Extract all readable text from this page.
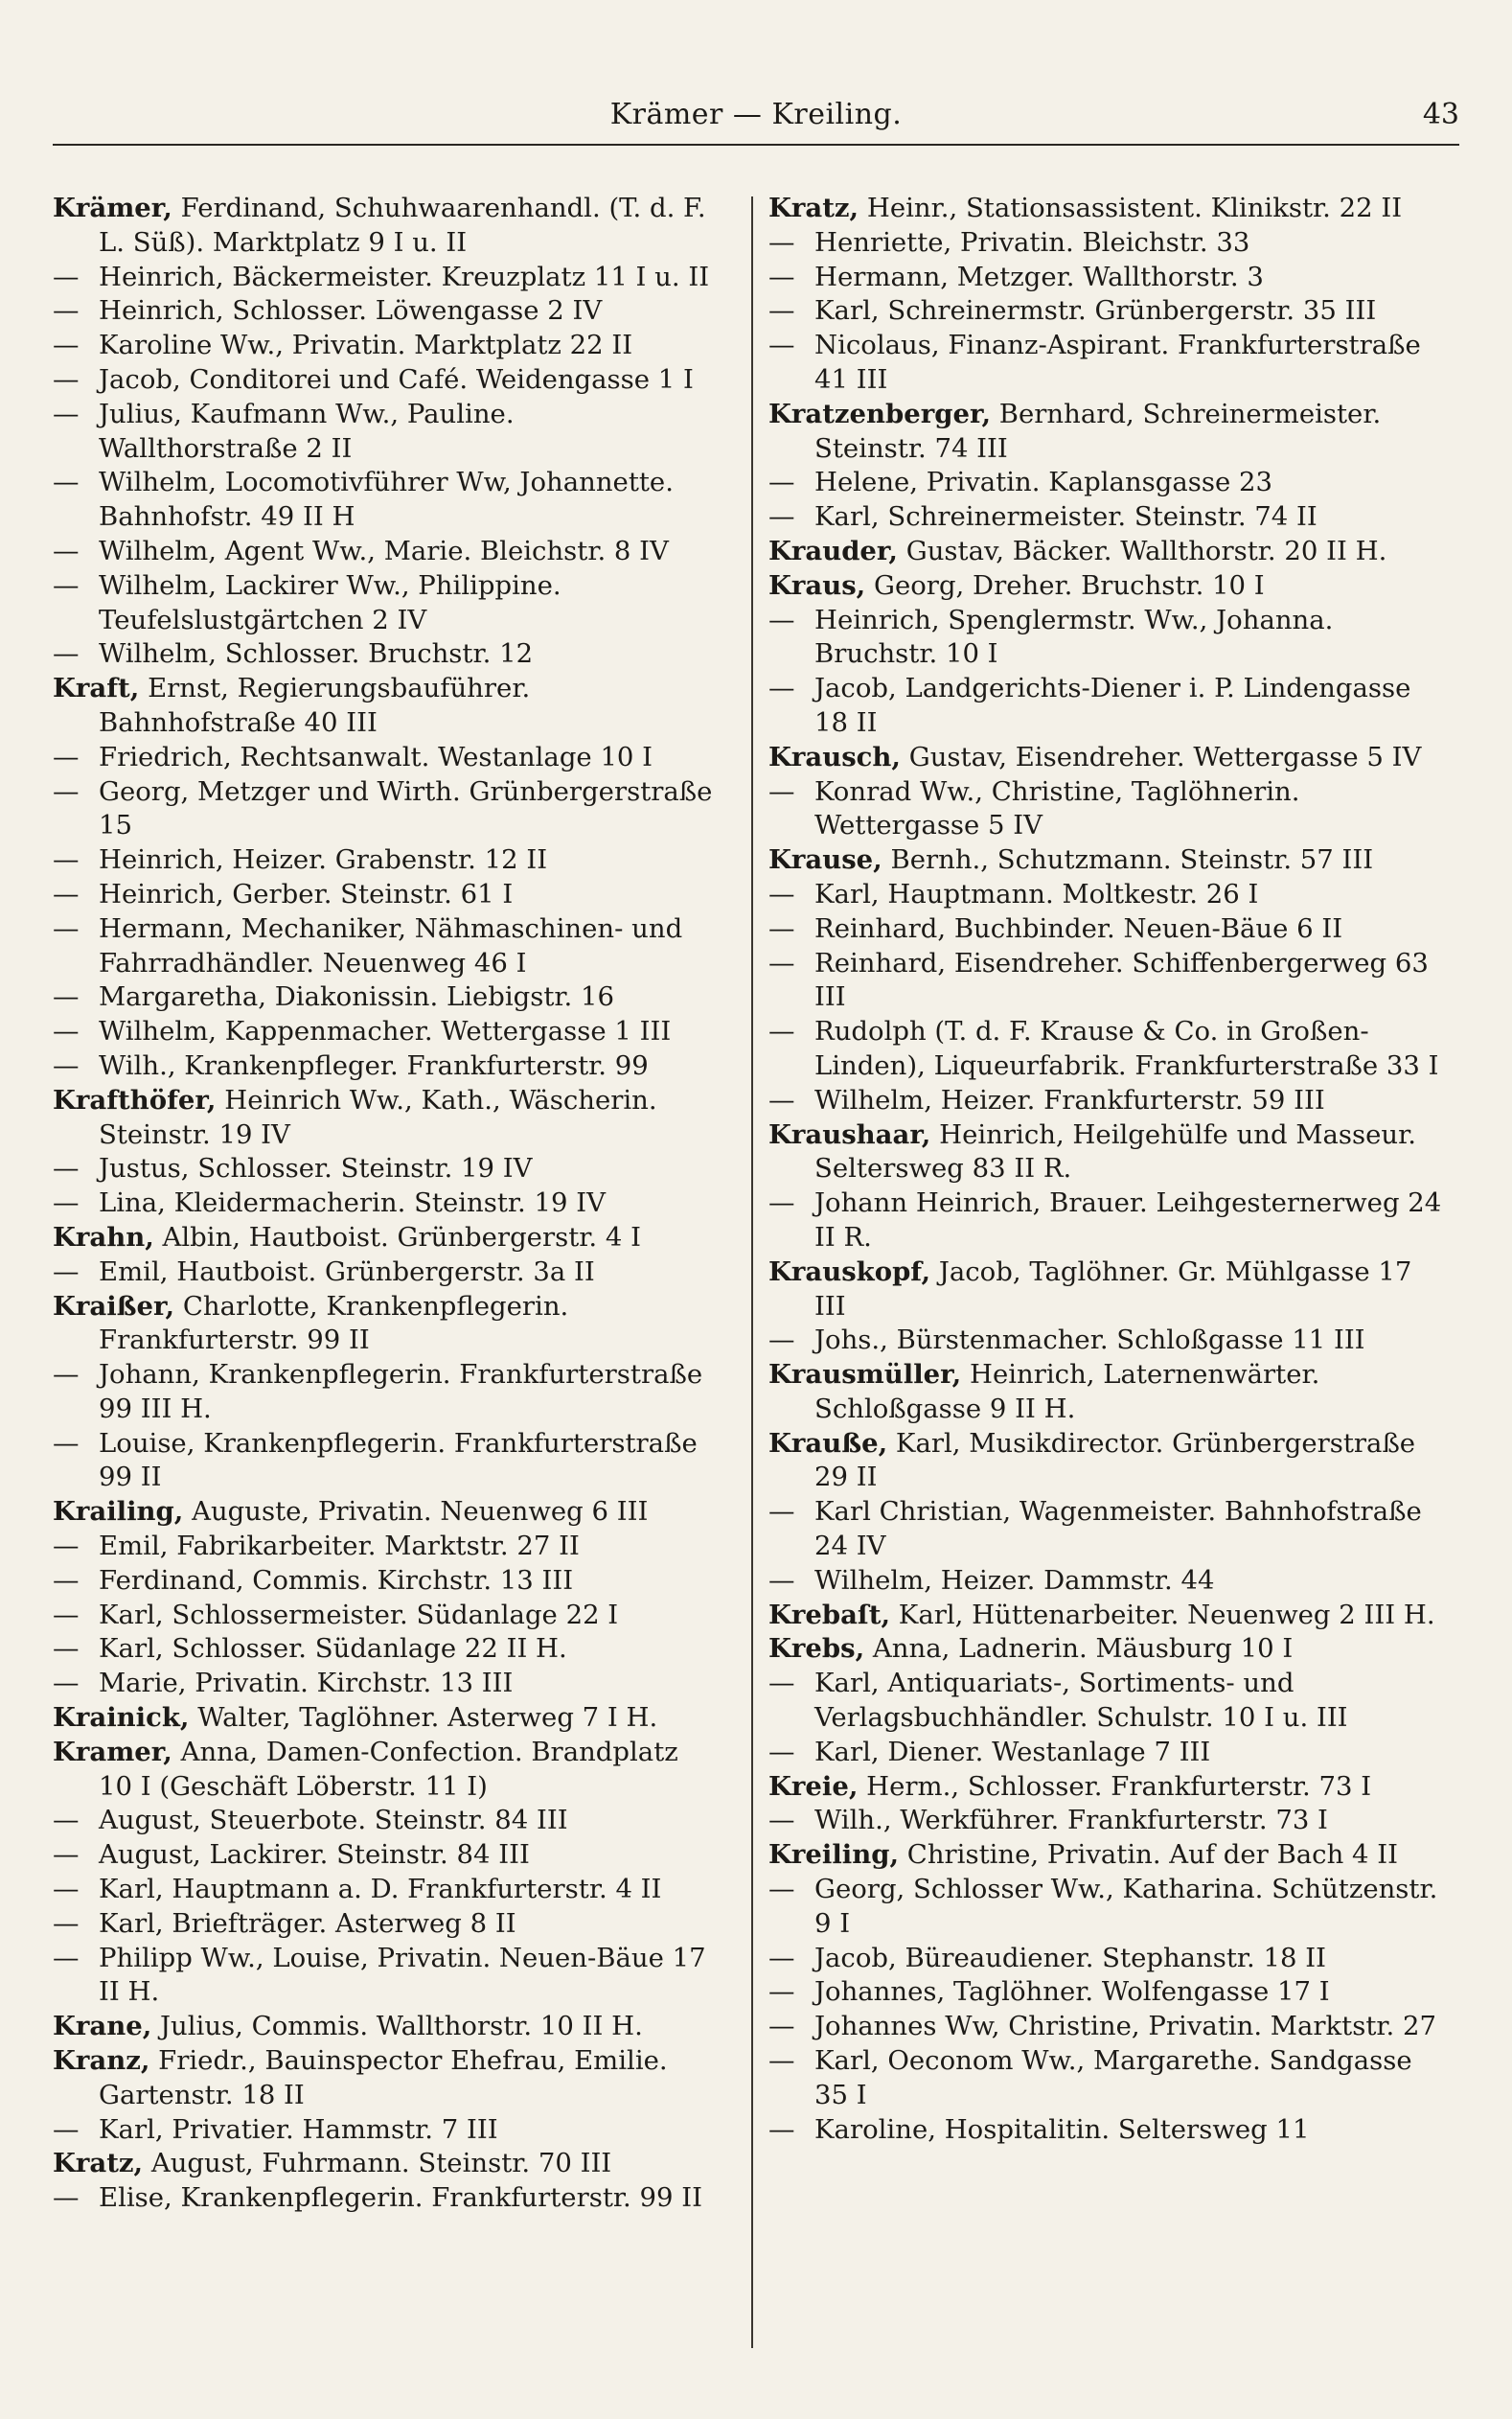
Krämer — Kreiling.	43

Krämer, Ferdinand, Schuhwaarenhandl. (T. d. F. L. Süß). Marktplatz 9 I u. II

— Heinrich, Bäckermeister. Kreuzplatz 11 I u. II

— Heinrich, Schlosser. Löwengasse 2 IV

— Karoline Ww., Privatin. Marktplatz 22 II

— Jacob, Conditorei und Café. Weidengasse 1 I

— Julius, Kaufmann Ww., Pauline. Wallthorstraße 2 II

— Wilhelm, Locomotivführer Ww, Johannette. Bahnhofstr. 49 II H

— Wilhelm, Agent Ww., Marie. Bleichstr. 8 IV

— Wilhelm, Lackirer Ww., Philippine. Teufelslustgärtchen 2 IV

— Wilhelm, Schlosser. Bruchstr. 12

Kraft, Ernst, Regierungsbauführer. Bahnhofstraße 40 III

— Friedrich, Rechtsanwalt. Westanlage 10 I

— Georg, Metzger und Wirth. Grünbergerstraße 15

— Heinrich, Heizer. Grabenstr. 12 II

— Heinrich, Gerber. Steinstr. 61 I

— Hermann, Mechaniker, Nähmaschinen- und Fahrradhändler. Neuenweg 46 I

— Margaretha, Diakonissin. Liebigstr. 16

— Wilhelm, Kappenmacher. Wettergasse 1 III

— Wilh., Krankenpfleger. Frankfurterstr. 99

Krafthöfer, Heinrich Ww., Kath., Wäscherin. Steinstr. 19 IV

— Justus, Schlosser. Steinstr. 19 IV

— Lina, Kleidermacherin. Steinstr. 19 IV

Krahn, Albin, Hautboist. Grünbergerstr. 4 I

— Emil, Hautboist. Grünbergerstr. 3a II

Kraißer, Charlotte, Krankenpflegerin. Frankfurterstr. 99 II

— Johann, Krankenpflegerin. Frankfurterstraße 99 III H.

— Louise, Krankenpflegerin. Frankfurterstraße 99 II

Krailing, Auguste, Privatin. Neuenweg 6 III

— Emil, Fabrikarbeiter. Marktstr. 27 II

— Ferdinand, Commis. Kirchstr. 13 III

— Karl, Schlossermeister. Südanlage 22 I

— Karl, Schlosser. Südanlage 22 II H.

— Marie, Privatin. Kirchstr. 13 III

Krainick, Walter, Taglöhner. Asterweg 7 I H.

Kramer, Anna, Damen-Confection. Brandplatz 10 I (Geschäft Löberstr. 11 I)

— August, Steuerbote. Steinstr. 84 III

— August, Lackirer. Steinstr. 84 III

— Karl, Hauptmann a. D. Frankfurterstr. 4 II

— Karl, Briefträger. Asterweg 8 II

— Philipp Ww., Louise, Privatin. Neuen-Bäue 17 II H.

Krane, Julius, Commis. Wallthorstr. 10 II H.

Kranz, Friedr., Bauinspector Ehefrau, Emilie. Gartenstr. 18 II

— Karl, Privatier. Hammstr. 7 III

Kratz, August, Fuhrmann. Steinstr. 70 III

— Elise, Krankenpflegerin. Frankfurterstr. 99 II

Kratz, Heinr., Stationsassistent. Klinikstr. 22 II

— Henriette, Privatin. Bleichstr. 33

— Hermann, Metzger. Wallthorstr. 3

— Karl, Schreinermstr. Grünbergerstr. 35 III

— Nicolaus, Finanz-Aspirant. Frankfurterstraße 41 III

Kratzenberger, Bernhard, Schreinermeister. Steinstr. 74 III

— Helene, Privatin. Kaplansgasse 23

— Karl, Schreinermeister. Steinstr. 74 II

Krauder, Gustav, Bäcker. Wallthorstr. 20 II H.

Kraus, Georg, Dreher. Bruchstr. 10 I

— Heinrich, Spenglermstr. Ww., Johanna. Bruchstr. 10 I

— Jacob, Landgerichts-Diener i. P. Lindengasse 18 II

Krausch, Gustav, Eisendreher. Wettergasse 5 IV

— Konrad Ww., Christine, Taglöhnerin. Wettergasse 5 IV

Krause, Bernh., Schutzmann. Steinstr. 57 III

— Karl, Hauptmann. Moltkestr. 26 I

— Reinhard, Buchbinder. Neuen-Bäue 6 II

— Reinhard, Eisendreher. Schiffenbergerweg 63 III

— Rudolph (T. d. F. Krause & Co. in Großen-Linden), Liqueurfabrik. Frankfurterstraße 33 I

— Wilhelm, Heizer. Frankfurterstr. 59 III

Kraushaar, Heinrich, Heilgehülfe und Masseur. Seltersweg 83 II R.

— Johann Heinrich, Brauer. Leihgesternerweg 24 II R.

Krauskopf, Jacob, Taglöhner. Gr. Mühlgasse 17 III

— Johs., Bürstenmacher. Schloßgasse 11 III

Krausmüller, Heinrich, Laternenwärter. Schloßgasse 9 II H.

Krauße, Karl, Musikdirector. Grünbergerstraße 29 II

— Karl Christian, Wagenmeister. Bahnhofstraße 24 IV

— Wilhelm, Heizer. Dammstr. 44

Krebaſt, Karl, Hüttenarbeiter. Neuenweg 2 III H.

Krebs, Anna, Ladnerin. Mäusburg 10 I

— Karl, Antiquariats-, Sortiments- und Verlagsbuchhändler. Schulstr. 10 I u. III

— Karl, Diener. Westanlage 7 III

Kreie, Herm., Schlosser. Frankfurterstr. 73 I

— Wilh., Werkführer. Frankfurterstr. 73 I

Kreiling, Christine, Privatin. Auf der Bach 4 II

— Georg, Schlosser Ww., Katharina. Schützenstr. 9 I

— Jacob, Büreaudiener. Stephanstr. 18 II

— Johannes, Taglöhner. Wolfengasse 17 I

— Johannes Ww, Christine, Privatin. Marktstr. 27

— Karl, Oeconom Ww., Margarethe. Sandgasse 35 I

— Karoline, Hospitalitin. Seltersweg 11
